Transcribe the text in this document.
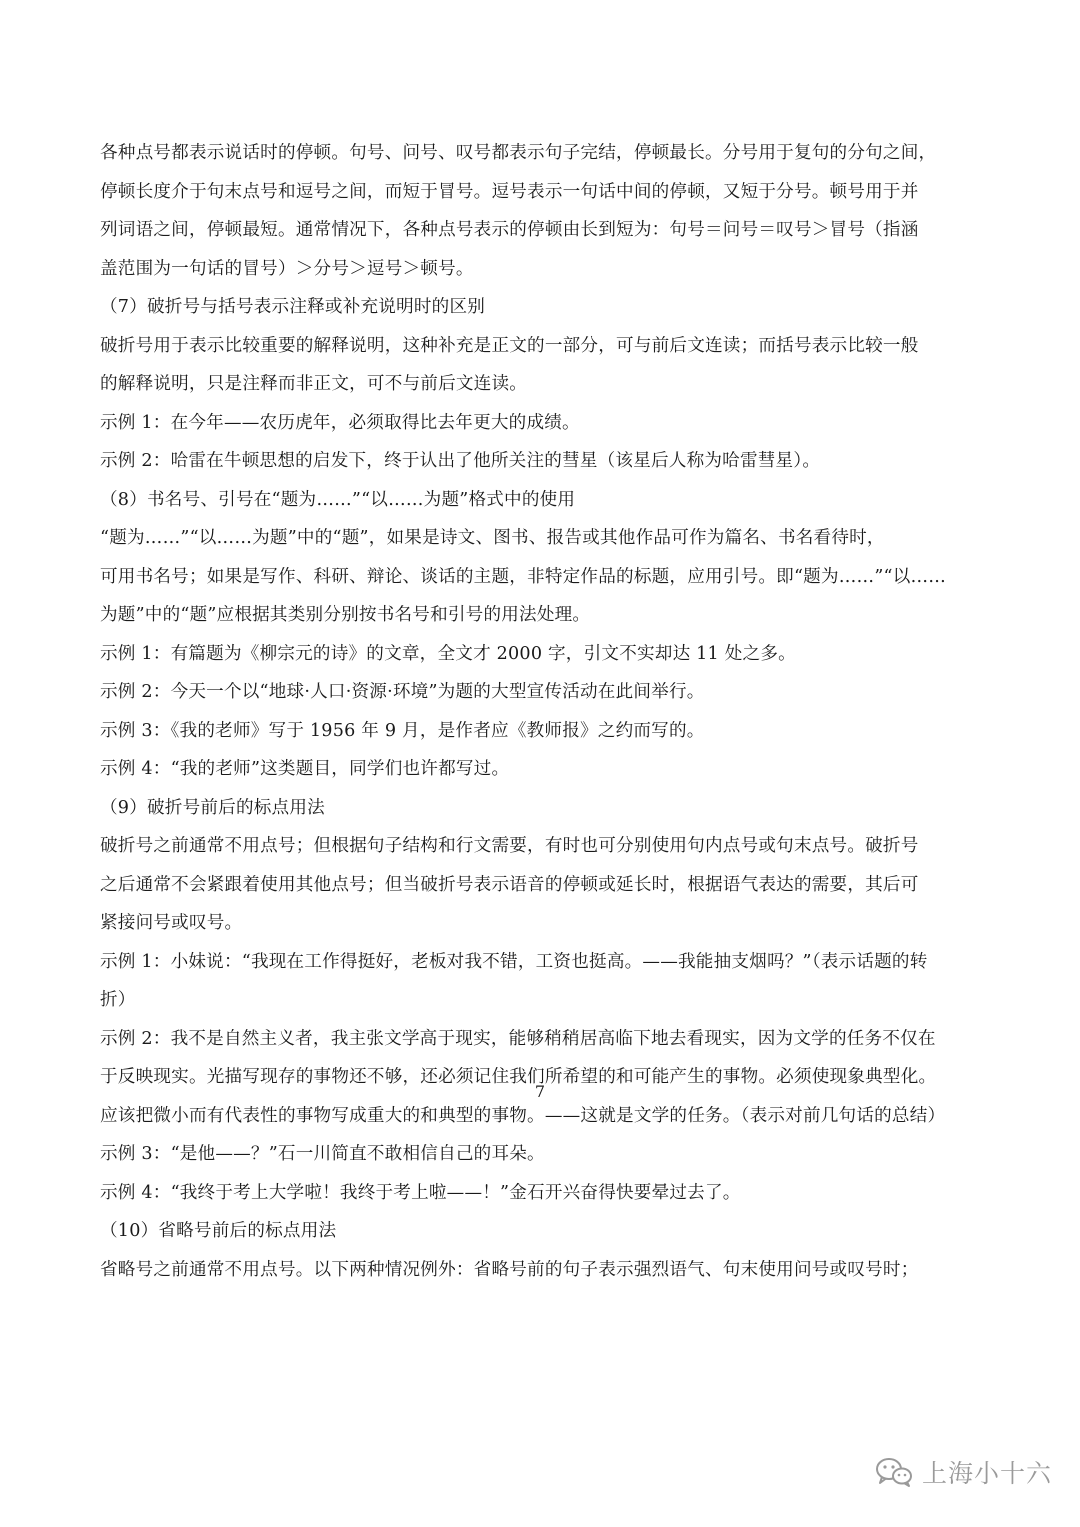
各种点号都表示说话时的停顿。句号、问号、叹号都表示句子完结，停顿最长。分号用于复句的分句之间，
停顿长度介于句末点号和逗号之间，而短于冒号。逗号表示一句话中间的停顿，又短于分号。顿号用于并
列词语之间，停顿最短。通常情况下，各种点号表示的停顿由长到短为：句号＝问号＝叹号＞冒号（指涵
盖范围为一句话的冒号）＞分号＞逗号＞顿号。
（7）破折号与括号表示注释或补充说明时的区别
破折号用于表示比较重要的解释说明，这种补充是正文的一部分，可与前后文连读；而括号表示比较一般
的解释说明，只是注释而非正文，可不与前后文连读。
示例 1：在今年——农历虎年，必须取得比去年更大的成绩。
示例 2：哈雷在牛顿思想的启发下，终于认出了他所关注的彗星（该星后人称为哈雷彗星）。
（8）书名号、引号在“题为……”“以……为题”格式中的使用
“题为……”“以……为题”中的“题”，如果是诗文、图书、报告或其他作品可作为篇名、书名看待时，
可用书名号；如果是写作、科研、辩论、谈话的主题，非特定作品的标题，应用引号。即“题为……”“以……
为题”中的“题”应根据其类别分别按书名号和引号的用法处理。
示例 1：有篇题为《柳宗元的诗》的文章，全文才 2000 字，引文不实却达 11 处之多。
示例 2：今天一个以“地球·人口·资源·环境”为题的大型宣传活动在此间举行。
示例 3：《我的老师》写于 1956 年 9 月，是作者应《教师报》之约而写的。
示例 4：“我的老师”这类题目，同学们也许都写过。
（9）破折号前后的标点用法
破折号之前通常不用点号；但根据句子结构和行文需要，有时也可分别使用句内点号或句末点号。破折号
之后通常不会紧跟着使用其他点号；但当破折号表示语音的停顿或延长时，根据语气表达的需要，其后可
紧接问号或叹号。
示例 1：小妹说：“我现在工作得挺好，老板对我不错，工资也挺高。——我能抽支烟吗？”（表示话题的转
折）
示例 2：我不是自然主义者，我主张文学高于现实，能够稍稍居高临下地去看现实，因为文学的任务不仅在
于反映现实。光描写现存的事物还不够，还必须记住我们所希望的和可能产生的事物。必须使现象典型化。
应该把微小而有代表性的事物写成重大的和典型的事物。——这就是文学的任务。（表示对前几句话的总结）
示例 3：“是他——？”石一川简直不敢相信自己的耳朵。
示例 4：“我终于考上大学啦！我终于考上啦——！”金石开兴奋得快要晕过去了。
（10）省略号前后的标点用法
省略号之前通常不用点号。以下两种情况例外：省略号前的句子表示强烈语气、句末使用问号或叹号时；
7
上海小十六
